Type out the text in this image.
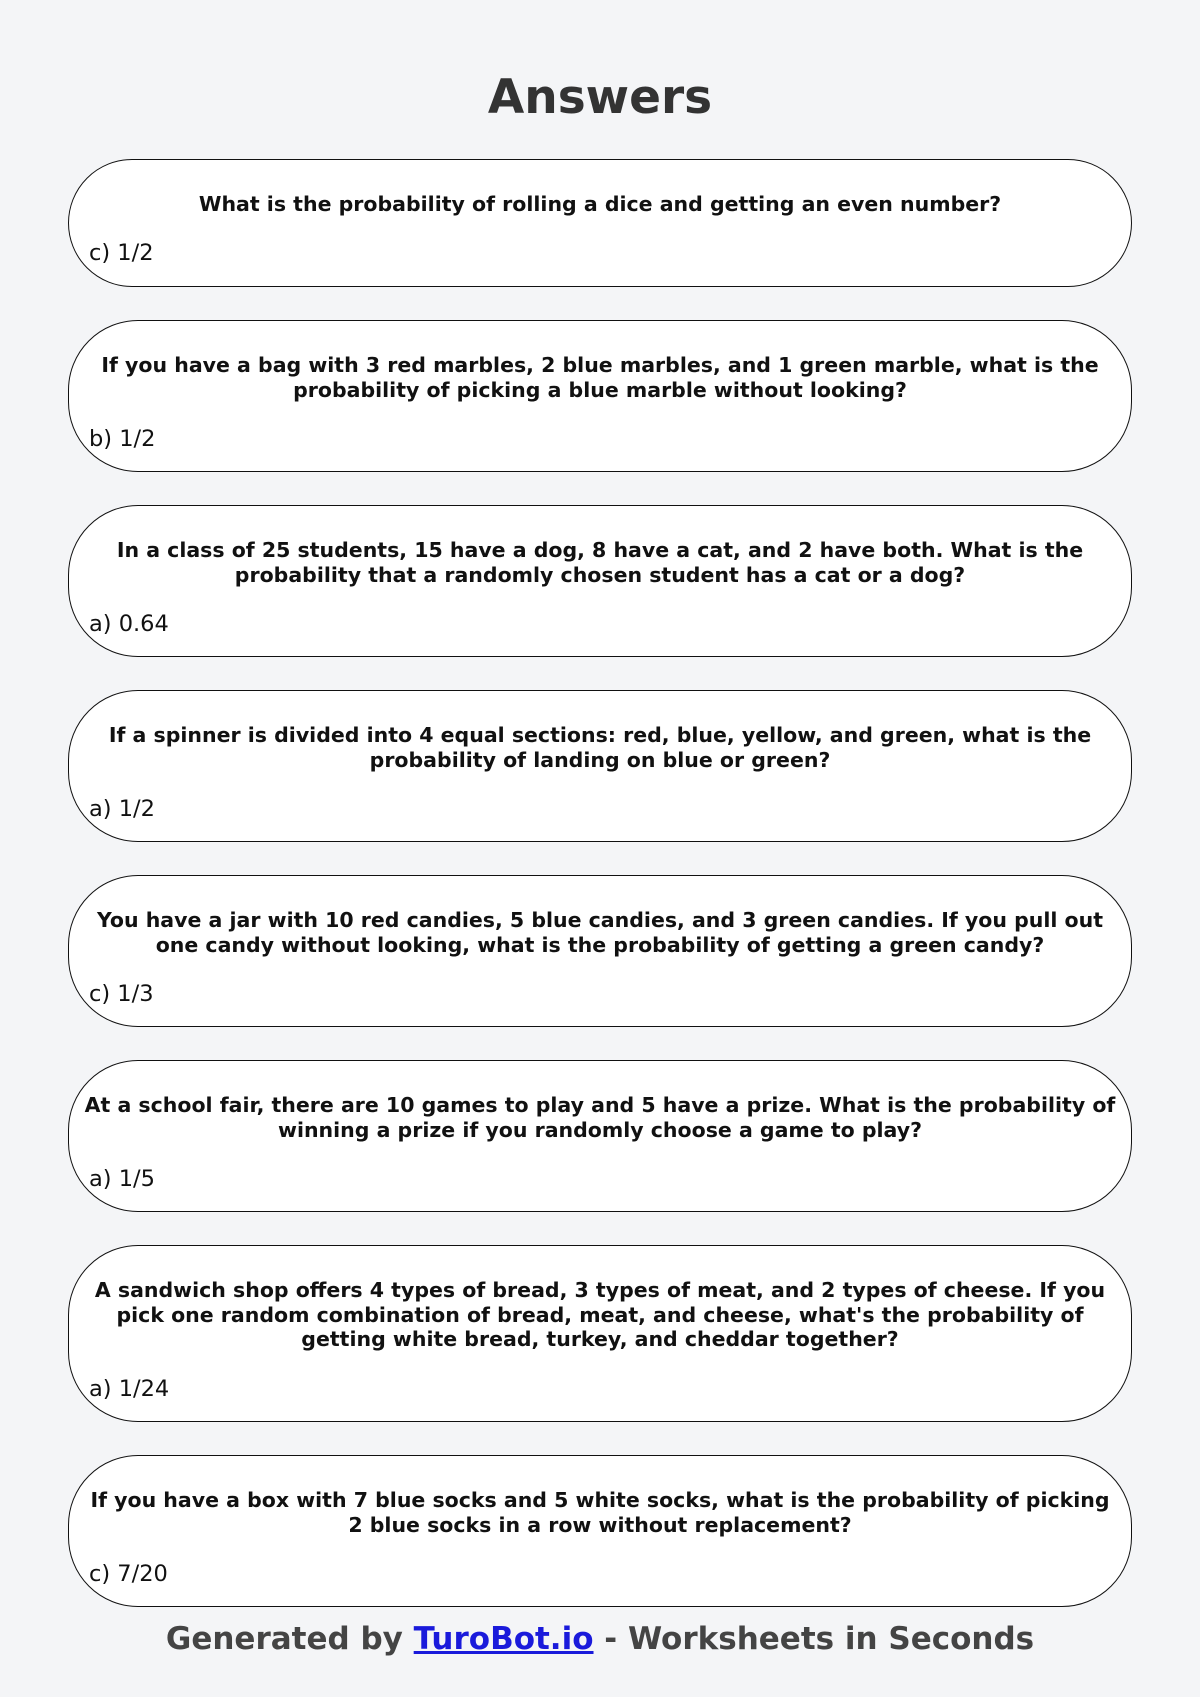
Answers
What is the probability of rolling a dice and getting an even number?
c) 1/2
If you have a bag with 3 red marbles, 2 blue marbles, and 1 green marble, what is the probability of picking a blue marble without looking?
b) 1/2
In a class of 25 students, 15 have a dog, 8 have a cat, and 2 have both. What is the probability that a randomly chosen student has a cat or a dog?
a) 0.64
If a spinner is divided into 4 equal sections: red, blue, yellow, and green, what is the probability of landing on blue or green?
a) 1/2
You have a jar with 10 red candies, 5 blue candies, and 3 green candies. If you pull out one candy without looking, what is the probability of getting a green candy?
c) 1/3
At a school fair, there are 10 games to play and 5 have a prize. What is the probability of winning a prize if you randomly choose a game to play?
a) 1/5
A sandwich shop offers 4 types of bread, 3 types of meat, and 2 types of cheese. If you pick one random combination of bread, meat, and cheese, what's the probability of getting white bread, turkey, and cheddar together?
a) 1/24
If you have a box with 7 blue socks and 5 white socks, what is the probability of picking 2 blue socks in a row without replacement?
c) 7/20
Generated by TuroBot.io - Worksheets in Seconds
